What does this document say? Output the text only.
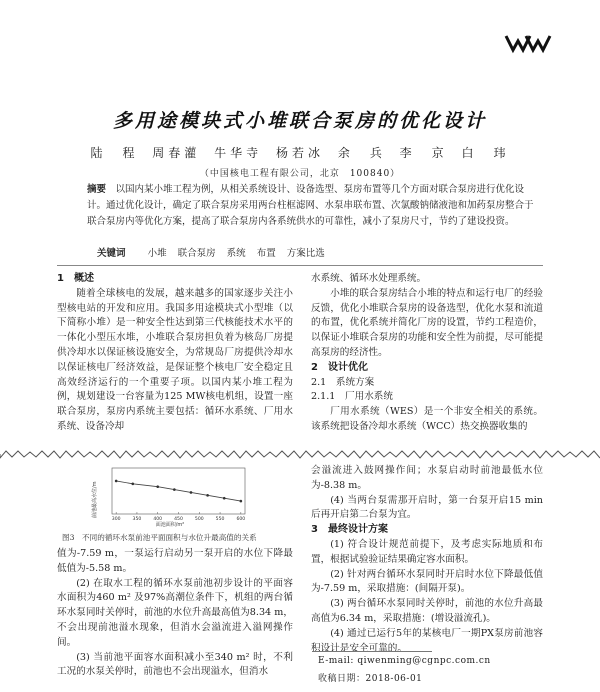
多用途模块式小堆联合泵房的优化设计
陆　程 周春灌 牛华寺 杨若冰 余　兵 李　京 白　玮
（中国核电工程有限公司，北京　100840）
摘要　 以国内某小堆工程为例，从相关系统设计、设备选型、泵房布置等几个方面对联合泵房进行优化设计。通过优化设计，确定了联合泵房采用两台柱框滤网、水泵串联布置、次氯酸钠储液池和加药泵房整合于联合泵房内等优化方案，提高了联合泵房内各系统供水的可靠性，减小了泵房尺寸，节约了建设投资。
关键词 小堆 联合泵房 系统 布置 方案比选

1　概述

随着全球核电的发展，越来越多的国家逐步关注小型核电站的开发和应用。我国多用途模块式小型堆（以下简称小堆）是一种安全性达到第三代核能技术水平的一体化小型压水堆，小堆联合泵房担负着为核岛厂房提供冷却水以保证核设施安全，为常规岛厂房提供冷却水以保证核电厂经济效益，是保证整个核电厂安全稳定且高效经济运行的一个重要子项。以国内某小堆工程为例，规划建设一台容量为125 MW核电机组，设置一座联合泵房，泵房内系统主要包括：循环水系统、厂用水系统、设备冷却

水系统、循环水处理系统。

小堆的联合泵房结合小堆的特点和运行电厂的经验反馈，优化小堆联合泵房的设备选型，优化水泵和流道的布置，优化系统并简化厂房的设置，节约工程造价，以保证小堆联合泵房的功能和安全性为前提，尽可能提高泵房的经济性。

2　设计优化

2.1　系统方案

2.1.1　厂用水系统

厂用水系统（WES）是一个非安全相关的系统。该系统把设备冷却水系统（WCC）热交换器收集的

300	350	400	450	500	550	600
前池最高水位/m
面池面积/m²
图3　不同的循环水泵前池平面面积与水位升最高值的关系

值为-7.59 m，一泵运行启动另一泵开启的水位下降最低值为-5.58 m。

(2) 在取水工程的循环水泵前池初步设计的平面容水面积为460 m² 及97%高潮位条件下，机组的两台循环水泵同时关停时，前池的水位升高最高值为8.34 m，不会出现前池溢水现象，但消水会溢流进入溢网操作间。

(3) 当前池平面容水面积减小至340 m² 时，不利工况的水泵关停时，前池也不会出现溢水，但消水

会溢流进入鼓网操作间；水泵启动时前池最低水位为-8.38 m。

(4) 当两台泵需那开启时，第一台泵开启15 min后再开启第二台泵为宜。

3　最终设计方案

(1) 符合设计规范前提下，及考虑实际地质和布置，根据试验验证结果确定容水面积。

(2) 针对两台循环水泵同时开启时水位下降最低值为-7.59 m，采取措施：(间隔开泵)。

(3) 两台循环水泵同时关停时，前池的水位升高最高值为6.34 m，采取措施：(增设溢流孔)。

(4) 通过已运行5年的某核电厂一期PX泵房前池容积设计是安全可靠的。

E-mail: qiwenming@cgnpc.com.cn
收稿日期：2018-06-01
